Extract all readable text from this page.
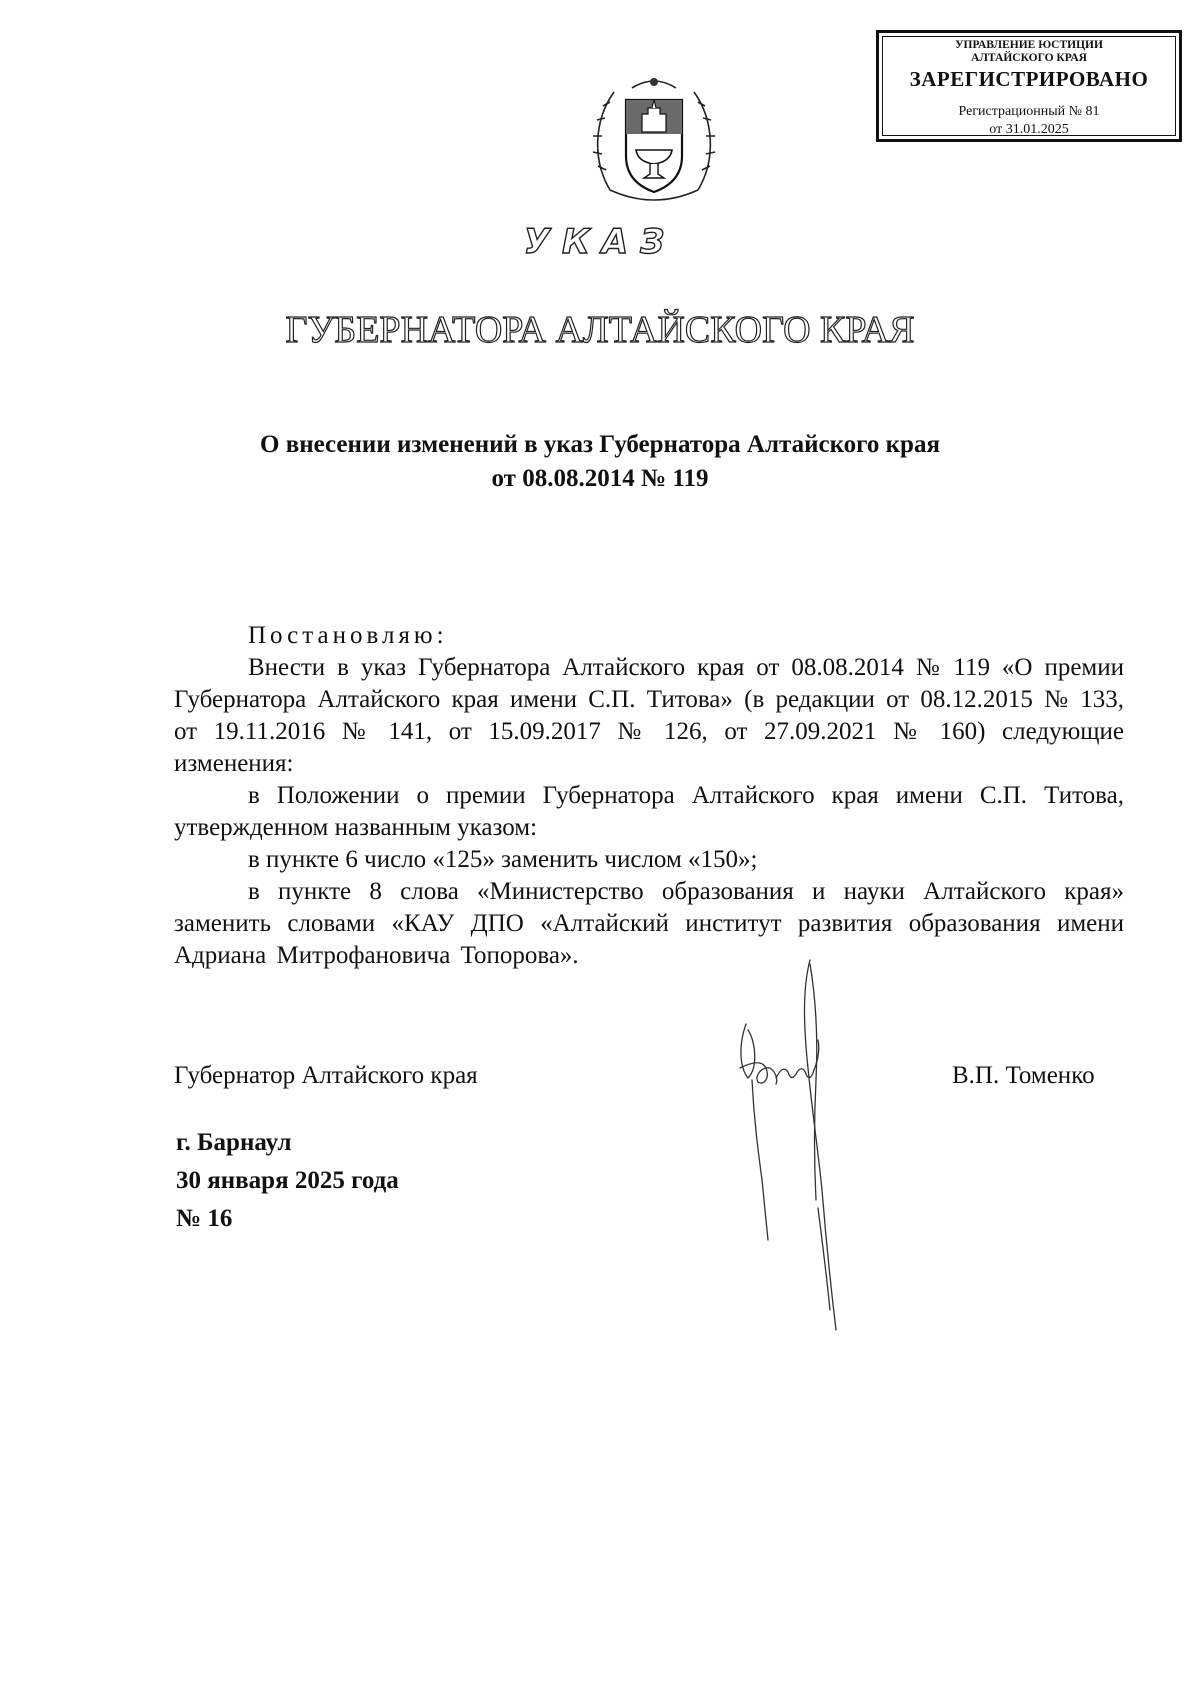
УПРАВЛЕНИЕ ЮСТИЦИИ
АЛТАЙСКОГО КРАЯ
ЗАРЕГИСТРИРОВАНО
Регистрационный № 81
от 31.01.2025
УКАЗ
ГУБЕРНАТОРА АЛТАЙСКОГО КРАЯ
О внесении изменений в указ Губернатора Алтайского края
от 08.08.2014 № 119
Постановляю:

Внести в указ Губернатора Алтайского края от 08.08.2014 № 119 «О премии Губернатора Алтайского края имени С.П. Титова» (в редакции от 08.12.2015 № 133, от 19.11.2016 № 141, от 15.09.2017 № 126, от 27.09.2021 № 160) следующие изменения:

в Положении о премии Губернатора Алтайского края имени С.П. Титова, утвержденном названным указом:

в пункте 6 число «125» заменить числом «150»;

в пункте 8 слова «Министерство образования и науки Алтайского края» заменить словами «КАУ ДПО «Алтайский институт развития образования имени Адриана Митрофановича Топорова».

Губернатор Алтайского края	В.П. Томенко
г. Барнаул
30 января 2025 года
№ 16
